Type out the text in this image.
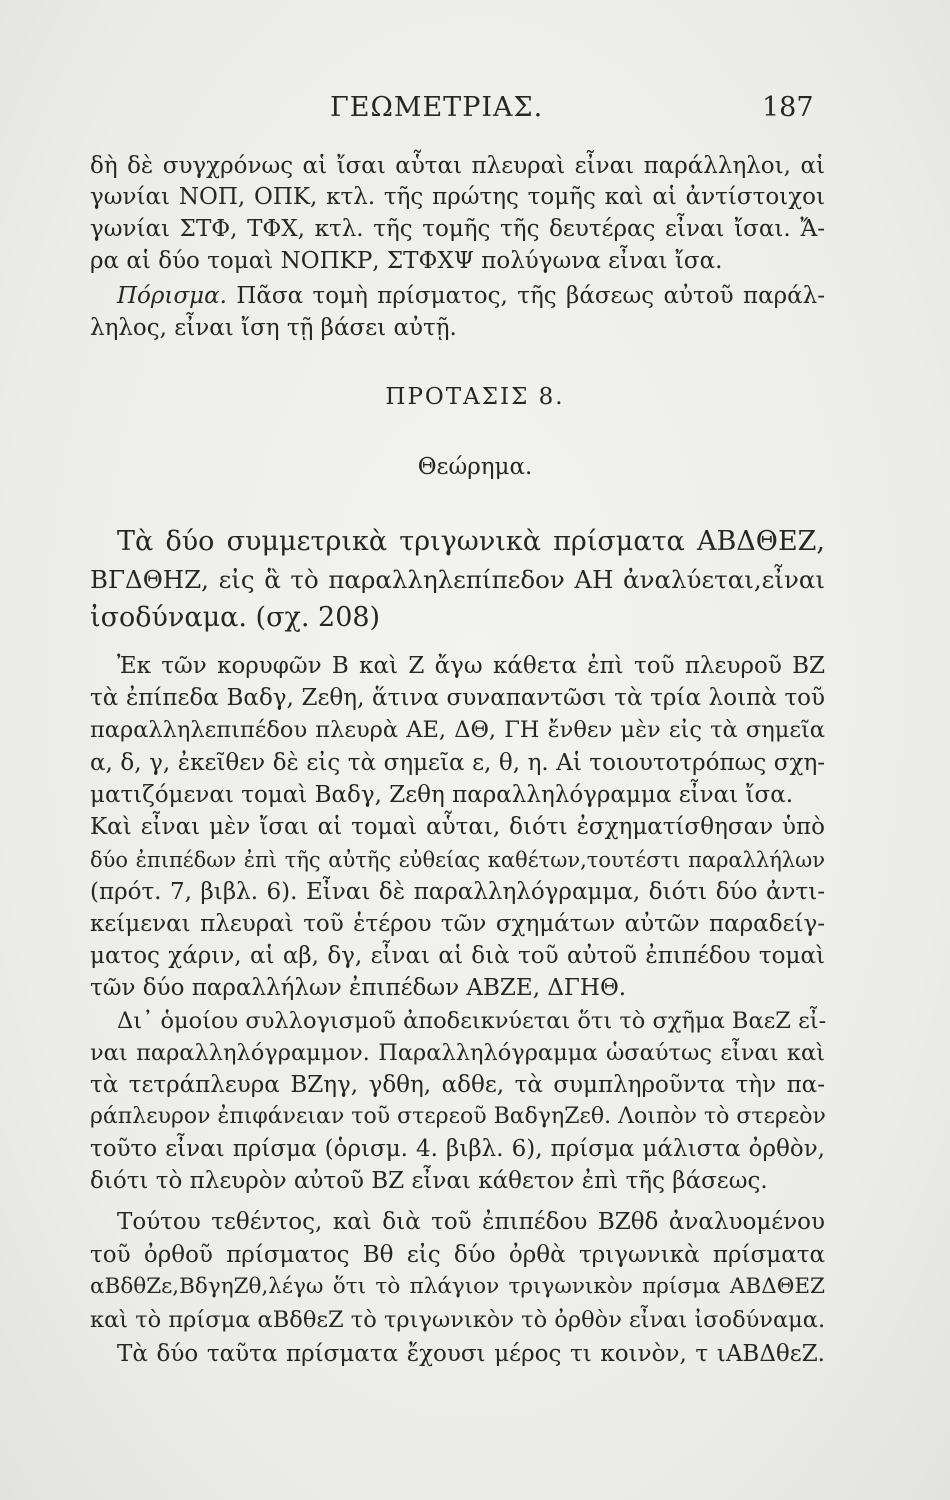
ΓΕΩΜΕΤΡΙΑΣ.	187
δὴ δὲ συγχρόνως αἱ ἴσαι αὗται πλευραὶ εἶναι παράλληλοι, αἱ
γωνίαι ΝΟΠ, ΟΠΚ, κτλ. τῆς πρώτης τομῆς καὶ αἱ ἀντίστοιχοι
γωνίαι ΣΤΦ, ΤΦΧ, κτλ. τῆς τομῆς τῆς δευτέρας εἶναι ἴσαι. Ἄ-
ρα αἱ δύο τομαὶ ΝΟΠΚΡ, ΣΤΦΧΨ πολύγωνα εἶναι ἴσα.
Πόρισμα. Πᾶσα τομὴ πρίσματος, τῆς βάσεως αὐτοῦ παράλ-
ληλος, εἶναι ἴση τῇ βάσει αὐτῇ.
ΠΡΟΤΑΣΙΣ 8.
Θεώρημα.
Τὰ δύο συμμετρικὰ τριγωνικὰ πρίσματα ΑΒΔΘΕΖ,
ΒΓΔΘΗΖ, εἰς ἃ τὸ παραλληλεπίπεδον ΑΗ ἀναλύεται,εἶναι
ἰσοδύναμα. (σχ. 208)
Ἐκ τῶν κορυφῶν Β καὶ Ζ ἄγω κάθετα ἐπὶ τοῦ πλευροῦ ΒΖ
τὰ ἐπίπεδα Βαδγ, Ζεθη, ἅτινα συναπαντῶσι τὰ τρία λοιπὰ τοῦ
παραλληλεπιπέδου πλευρὰ ΑΕ, ΔΘ, ΓΗ ἔνθεν μὲν εἰς τὰ σημεῖα
α, δ, γ, ἐκεῖθεν δὲ εἰς τὰ σημεῖα ε, θ, η. Αἱ τοιουτοτρόπως σχη-
ματιζόμεναι τομαὶ Βαδγ, Ζεθη παραλληλόγραμμα εἶναι ἴσα.
Καὶ εἶναι μὲν ἴσαι αἱ τομαὶ αὗται, διότι ἐσχηματίσθησαν ὑπὸ
δύο ἐπιπέδων ἐπὶ τῆς αὐτῆς εὐθείας καθέτων,τουτέστι παραλλήλων
(πρότ. 7, βιβλ. 6). Εἶναι δὲ παραλληλόγραμμα, διότι δύο ἀντι-
κείμεναι πλευραὶ τοῦ ἑτέρου τῶν σχημάτων αὐτῶν παραδείγ-
ματος χάριν, αἱ αβ, δγ, εἶναι αἱ διὰ τοῦ αὐτοῦ ἐπιπέδου τομαὶ
τῶν δύο παραλλήλων ἐπιπέδων ΑΒΖΕ, ΔΓΗΘ.
Δι᾽ ὁμοίου συλλογισμοῦ ἀποδεικνύεται ὅτι τὸ σχῆμα ΒαεΖ εἶ-
ναι παραλληλόγραμμον. Παραλληλόγραμμα ὡσαύτως εἶναι καὶ
τὰ τετράπλευρα ΒΖηγ, γδθη, αδθε, τὰ συμπληροῦντα τὴν πα-
ράπλευρον ἐπιφάνειαν τοῦ στερεοῦ ΒαδγηΖεθ. Λοιπὸν τὸ στερεὸν
τοῦτο εἶναι πρίσμα (ὁρισμ. 4. βιβλ. 6), πρίσμα μάλιστα ὀρθὸν,
διότι τὸ πλευρὸν αὐτοῦ ΒΖ εἶναι κάθετον ἐπὶ τῆς βάσεως.
Τούτου τεθέντος, καὶ διὰ τοῦ ἐπιπέδου ΒΖθδ ἀναλυομένου
τοῦ ὀρθοῦ πρίσματος Βθ εἰς δύο ὀρθὰ τριγωνικὰ πρίσματα
αΒδθΖε,ΒδγηΖθ,λέγω ὅτι τὸ πλάγιον τριγωνικὸν πρίσμα ΑΒΔΘΕΖ
καὶ τὸ πρίσμα αΒδθεΖ τὸ τριγωνικὸν τὸ ὀρθὸν εἶναι ἰσοδύναμα.
Τὰ δύο ταῦτα πρίσματα ἔχουσι μέρος τι κοινὸν, τ ιΑΒΔθεΖ.
